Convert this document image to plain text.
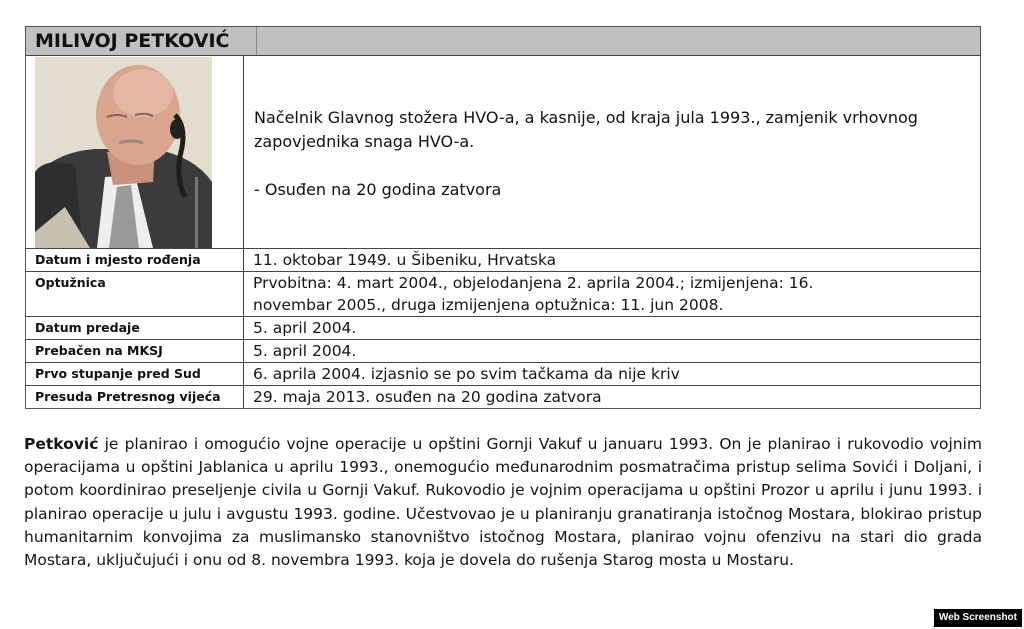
MILIVOJ PETKOVIĆ

Načelnik Glavnog stožera HVO-a, a kasnije, od kraja jula 1993., zamjenik vrhovnog zapovjednika snaga HVO-a.

- Osuđen na 20 godina zatvora

Datum i mjesto rođenja	11. oktobar 1949. u Šibeniku, Hrvatska
Optužnica	Prvobitna: 4. mart 2004., objelodanjena 2. aprila 2004.; izmijenjena: 16. novembar 2005., druga izmijenjena optužnica: 11. jun 2008.
Datum predaje	5. april 2004.
Prebačen na MKSJ	5. april 2004.
Prvo stupanje pred Sud	6. aprila 2004. izjasnio se po svim tačkama da nije kriv
Presuda Pretresnog vijeća	29. maja 2013. osuđen na 20 godina zatvora
Petković je planirao i omogućio vojne operacije u opštini Gornji Vakuf u januaru 1993. On je planirao i rukovodio vojnim operacijama u opštini Jablanica u aprilu 1993., onemogućio međunarodnim posmatračima pristup selima Sovići i Doljani, i potom koordinirao preseljenje civila u Gornji Vakuf. Rukovodio je vojnim operacijama u opštini Prozor u aprilu i junu 1993. i planirao operacije u julu i avgustu 1993. godine. Učestvovao je u planiranju granatiranja istočnog Mostara, blokirao pristup humanitarnim konvojima za muslimansko stanovništvo istočnog Mostara, planirao vojnu ofenzivu na stari dio grada Mostara, uključujući i onu od 8. novembra 1993. koja je dovela do rušenja Starog mosta u Mostaru.
Web Screenshot
